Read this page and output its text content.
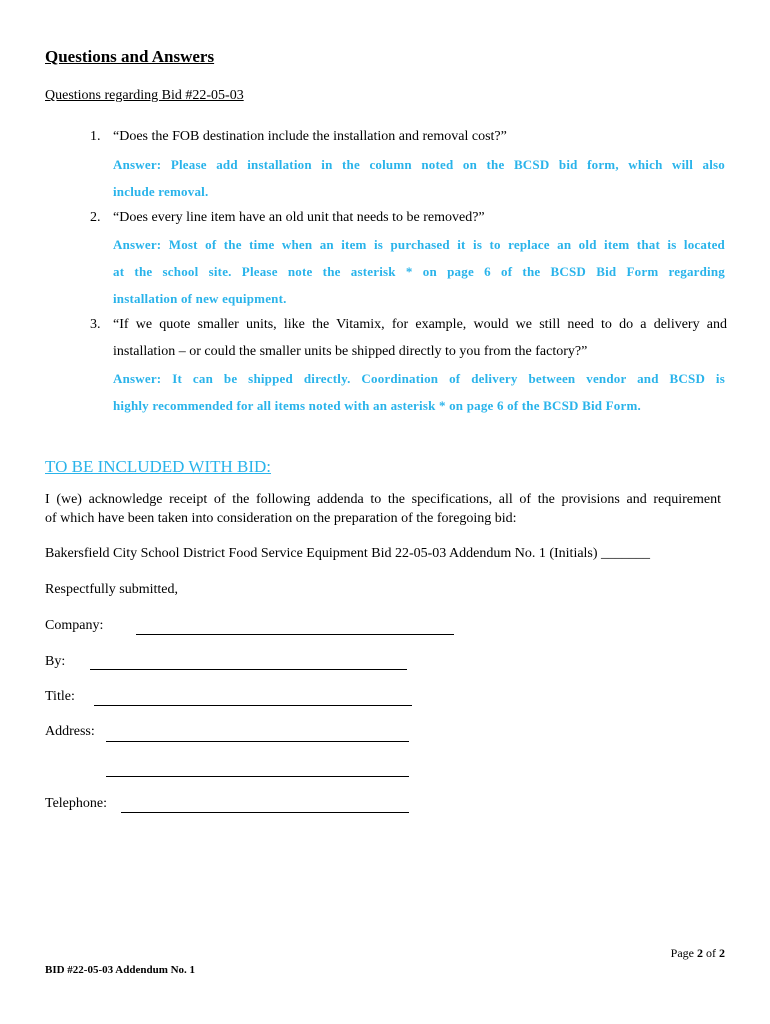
Questions and Answers
Questions regarding Bid #22-05-03
1. “Does the FOB destination include the installation and removal cost?”
Answer: Please add installation in the column noted on the BCSD bid form, which will also
include removal.
2. “Does every line item have an old unit that needs to be removed?”
Answer: Most of the time when an item is purchased it is to replace an old item that is located
at the school site. Please note the asterisk * on page 6 of the BCSD Bid Form regarding
installation of new equipment.
3. “If we quote smaller units, like the Vitamix, for example, would we still need to do a delivery and
installation – or could the smaller units be shipped directly to you from the factory?”
Answer: It can be shipped directly. Coordination of delivery between vendor and BCSD is
highly recommended for all items noted with an asterisk * on page 6 of the BCSD Bid Form.
TO BE INCLUDED WITH BID:
I (we) acknowledge receipt of the following addenda to the specifications, all of the provisions and requirement
of which have been taken into consideration on the preparation of the foregoing bid:
Bakersfield City School District Food Service Equipment Bid 22-05-03 Addendum No. 1 (Initials) _______
Respectfully submitted,
Company:
By:
Title:
Address:
Telephone:
Page 2 of 2
BID #22-05-03 Addendum No. 1
